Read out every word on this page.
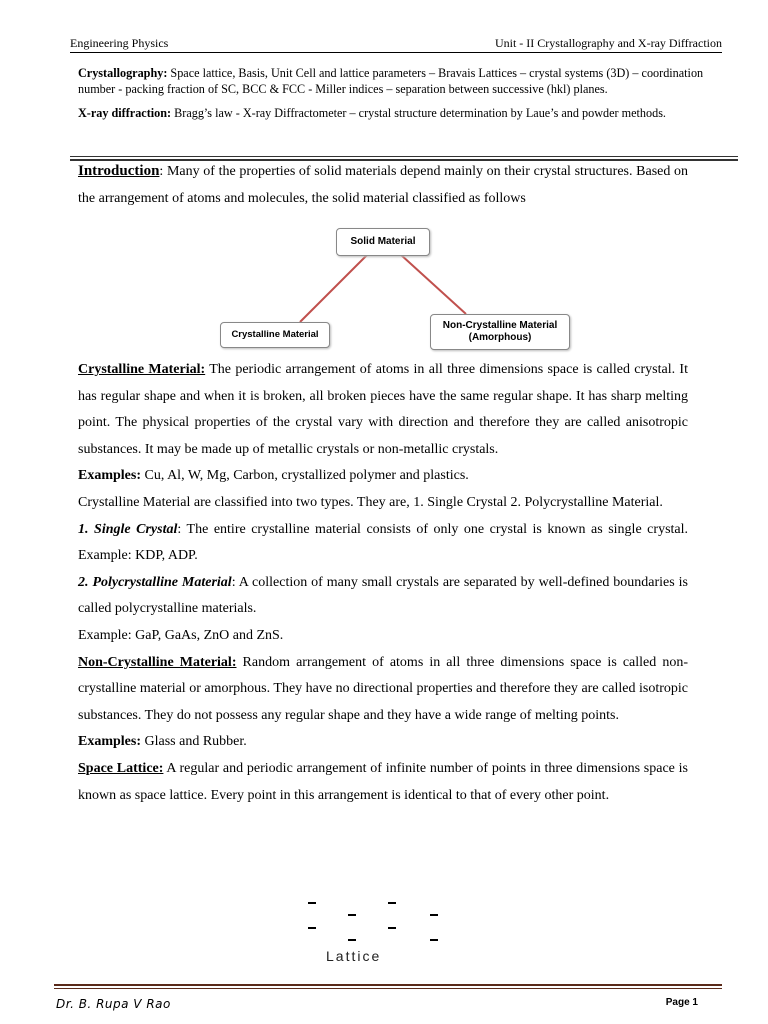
Engineering Physics	Unit - II Crystallography and X-ray Diffraction

Crystallography: Space lattice, Basis, Unit Cell and lattice parameters – Bravais Lattices – crystal systems (3D) – coordination number - packing fraction of SC, BCC & FCC - Miller indices – separation between successive (hkl) planes.

X-ray diffraction: Bragg’s law - X-ray Diffractometer – crystal structure determination by Laue’s and powder methods.

Introduction: Many of the properties of solid materials depend mainly on their crystal structures. Based on the arrangement of atoms and molecules, the solid material classified as follows

Solid Material
Crystalline Material
Non-Crystalline Material (Amorphous)

Crystalline Material: The periodic arrangement of atoms in all three dimensions space is called crystal. It has regular shape and when it is broken, all broken pieces have the same regular shape. It has sharp melting point. The physical properties of the crystal vary with direction and therefore they are called anisotropic substances. It may be made up of metallic crystals or non-metallic crystals.

Examples: Cu, Al, W, Mg, Carbon, crystallized polymer and plastics.

Crystalline Material are classified into two types. They are, 1. Single Crystal 2. Polycrystalline Material.

1. Single Crystal: The entire crystalline material consists of only one crystal is known as single crystal. Example: KDP, ADP.

2. Polycrystalline Material: A collection of many small crystals are separated by well-defined boundaries is called polycrystalline materials.

Example: GaP, GaAs, ZnO and ZnS.

Non-Crystalline Material: Random arrangement of atoms in all three dimensions space is called non-crystalline material or amorphous. They have no directional properties and therefore they are called isotropic substances. They do not possess any regular shape and they have a wide range of melting points.

Examples: Glass and Rubber.

Space Lattice: A regular and periodic arrangement of infinite number of points in three dimensions space is known as space lattice. Every point in this arrangement is identical to that of every other point.

Lattice
Dr. B. Rupa V Rao	Page 1
